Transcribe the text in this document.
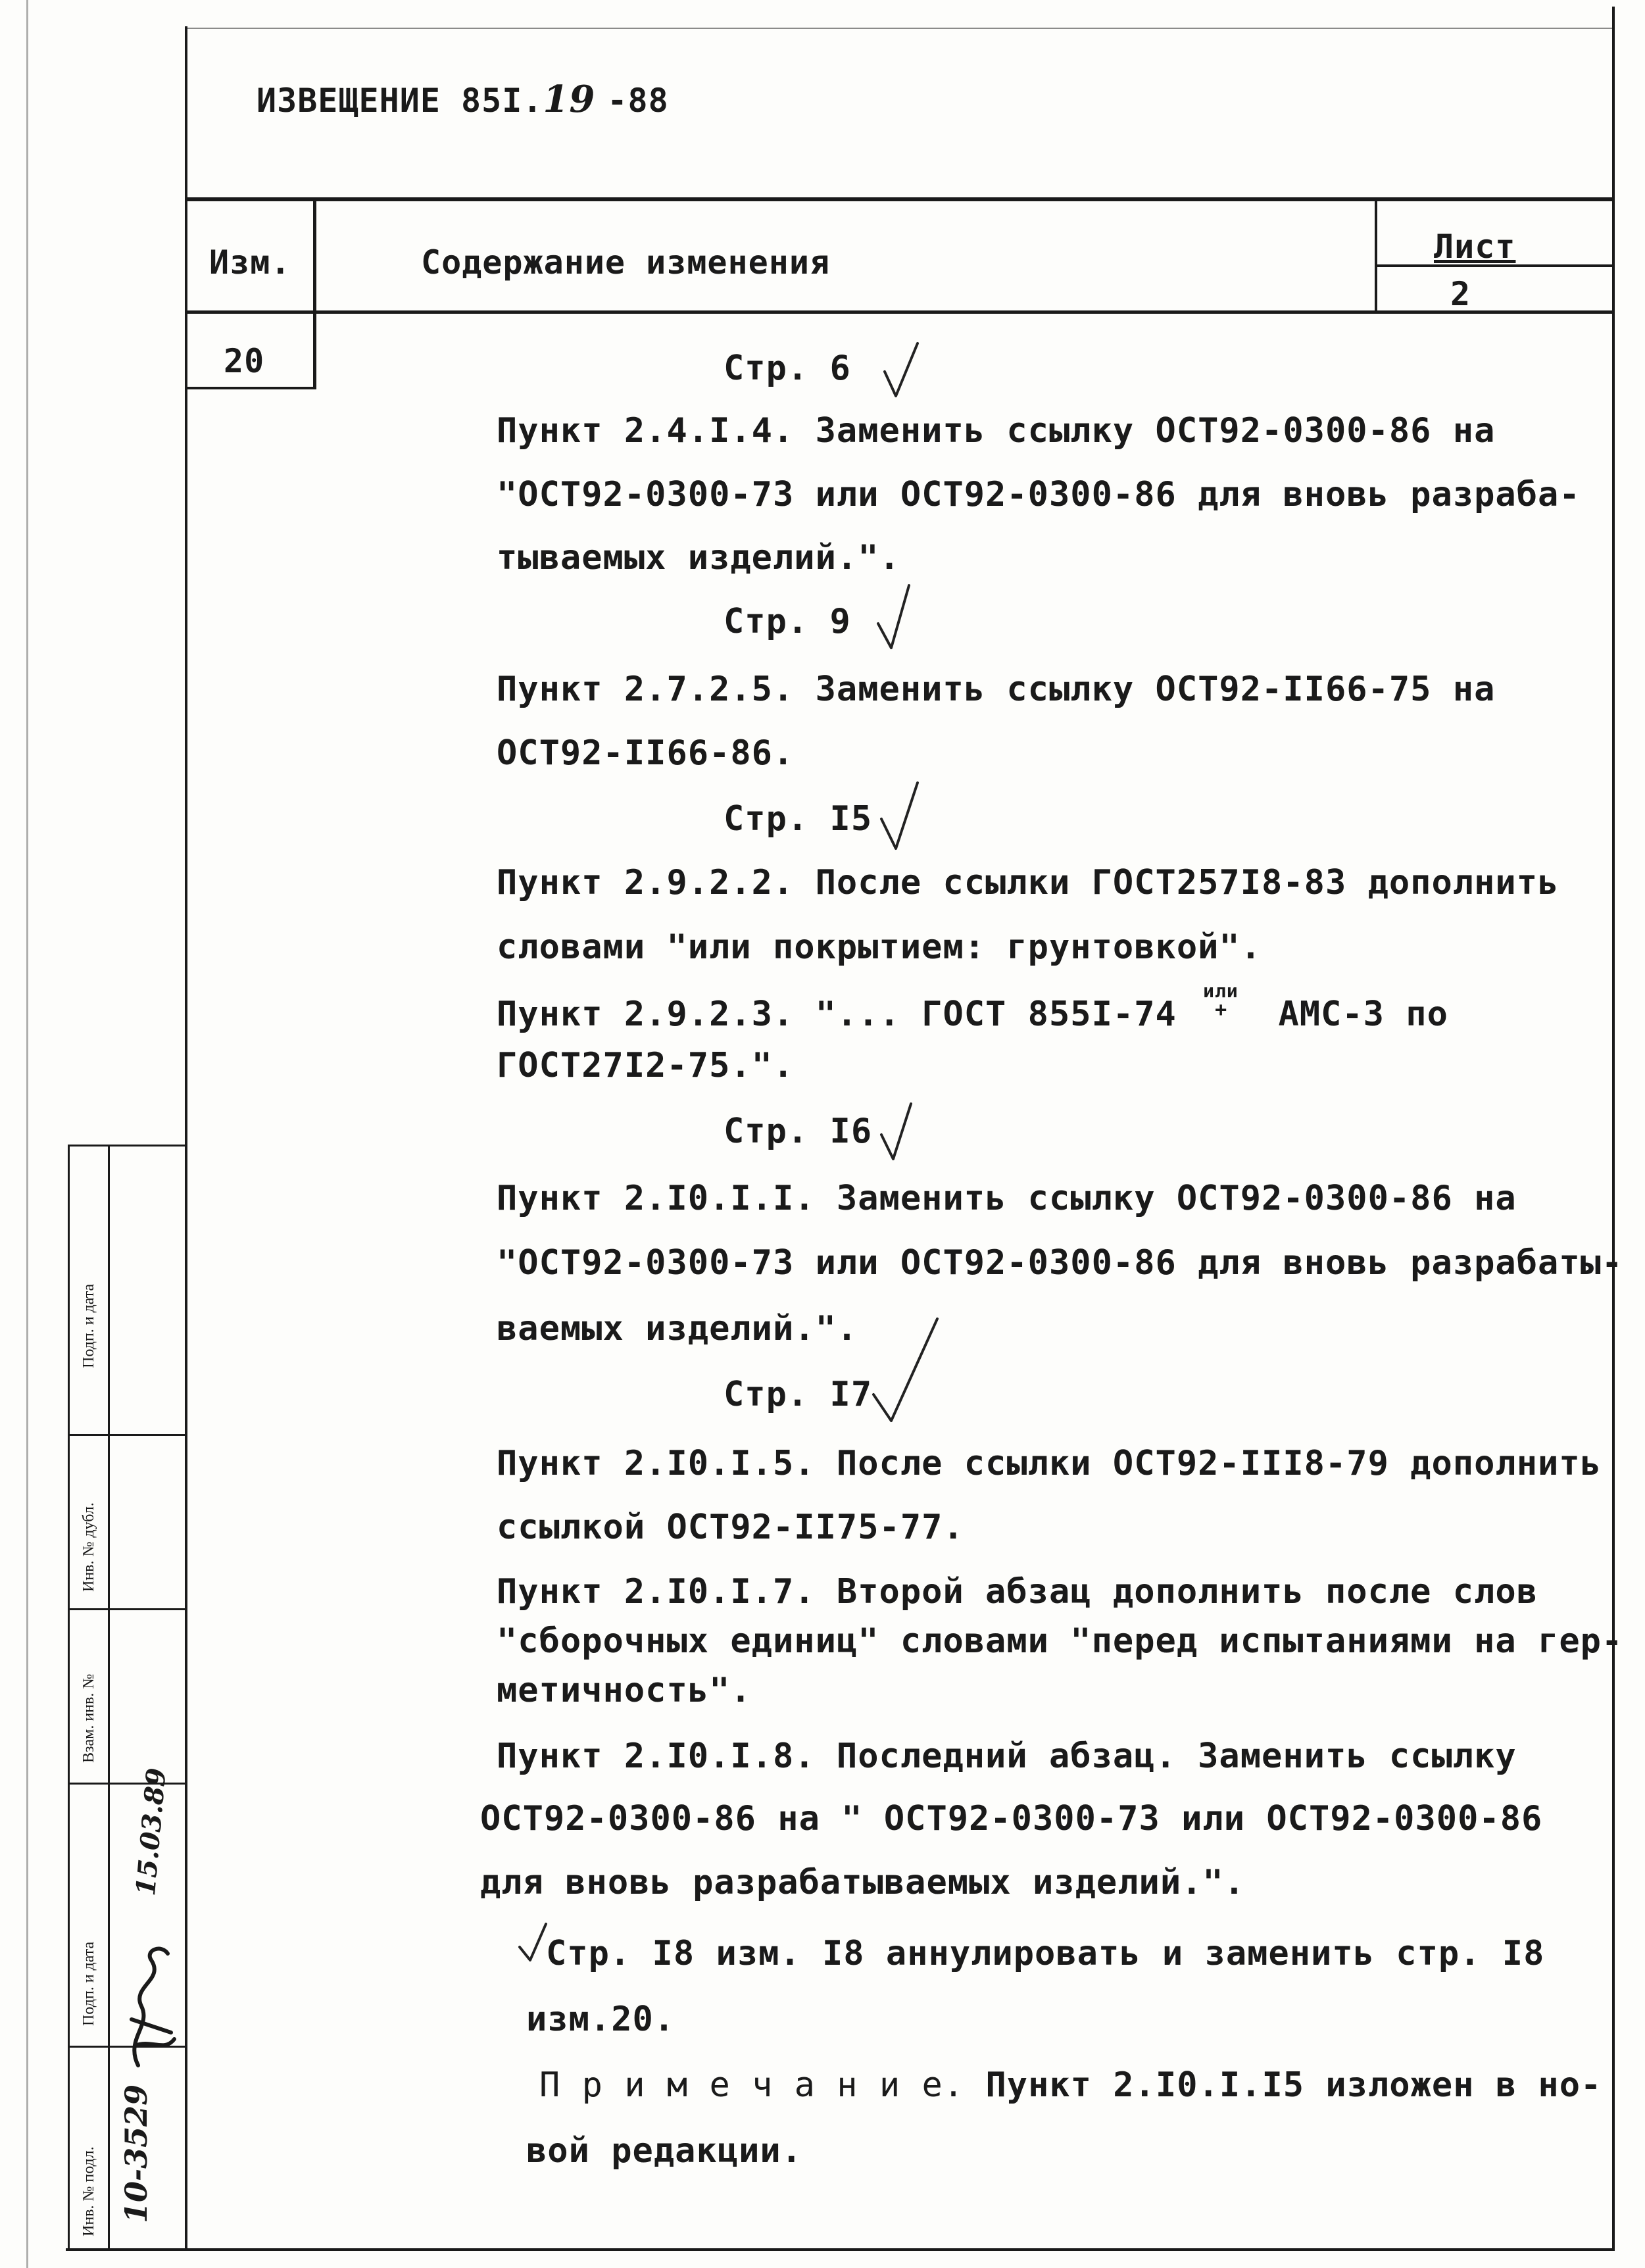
ИЗВЕЩЕНИЕ 85I.19 -88
Изм.	Содержание изменения	Лист
2
20	Стр. 6
Пункт 2.4.I.4. Заменить ссылку ОСТ92-0300-86 на
"ОСТ92-0300-73 или ОСТ92-0300-86 для вновь разраба-
тываемых изделий.".
Стр. 9
Пункт 2.7.2.5. Заменить ссылку ОСТ92-II66-75 на
ОСТ92-II66-86.
Стр. I5
Пункт 2.9.2.2. После ссылки ГОСТ257I8-83 дополнить
словами "или покрытием: грунтовкой".
Пункт 2.9.2.3. "... ГОСТ 855I-74
или
+ АМС-3 по
ГОСТ27I2-75.".
Стр. I6
Пункт 2.I0.I.I. Заменить ссылку ОСТ92-0300-86 на
"ОСТ92-0300-73 или ОСТ92-0300-86 для вновь разрабаты-
ваемых изделий.".
Стр. I7
Пункт 2.I0.I.5. После ссылки ОСТ92-III8-79 дополнить
ссылкой ОСТ92-II75-77.
Пункт 2.I0.I.7. Второй абзац дополнить после слов
"сборочных единиц" словами "перед испытаниями на гер-
метичность".
Пункт 2.I0.I.8. Последний абзац. Заменить ссылку
ОСТ92-0300-86 на " ОСТ92-0300-73 или ОСТ92-0300-86
для вновь разрабатываемых изделий.".
Стр. I8 изм. I8 аннулировать и заменить стр. I8
изм.20.
П р и м е ч а н и е. Пункт 2.I0.I.I5 изложен в но-
вой редакции.
Инв. № подл.
Подп. и дата
Взам. инв. №
Инв. № дубл.
Подп. и дата
10-3529
15.03.89
